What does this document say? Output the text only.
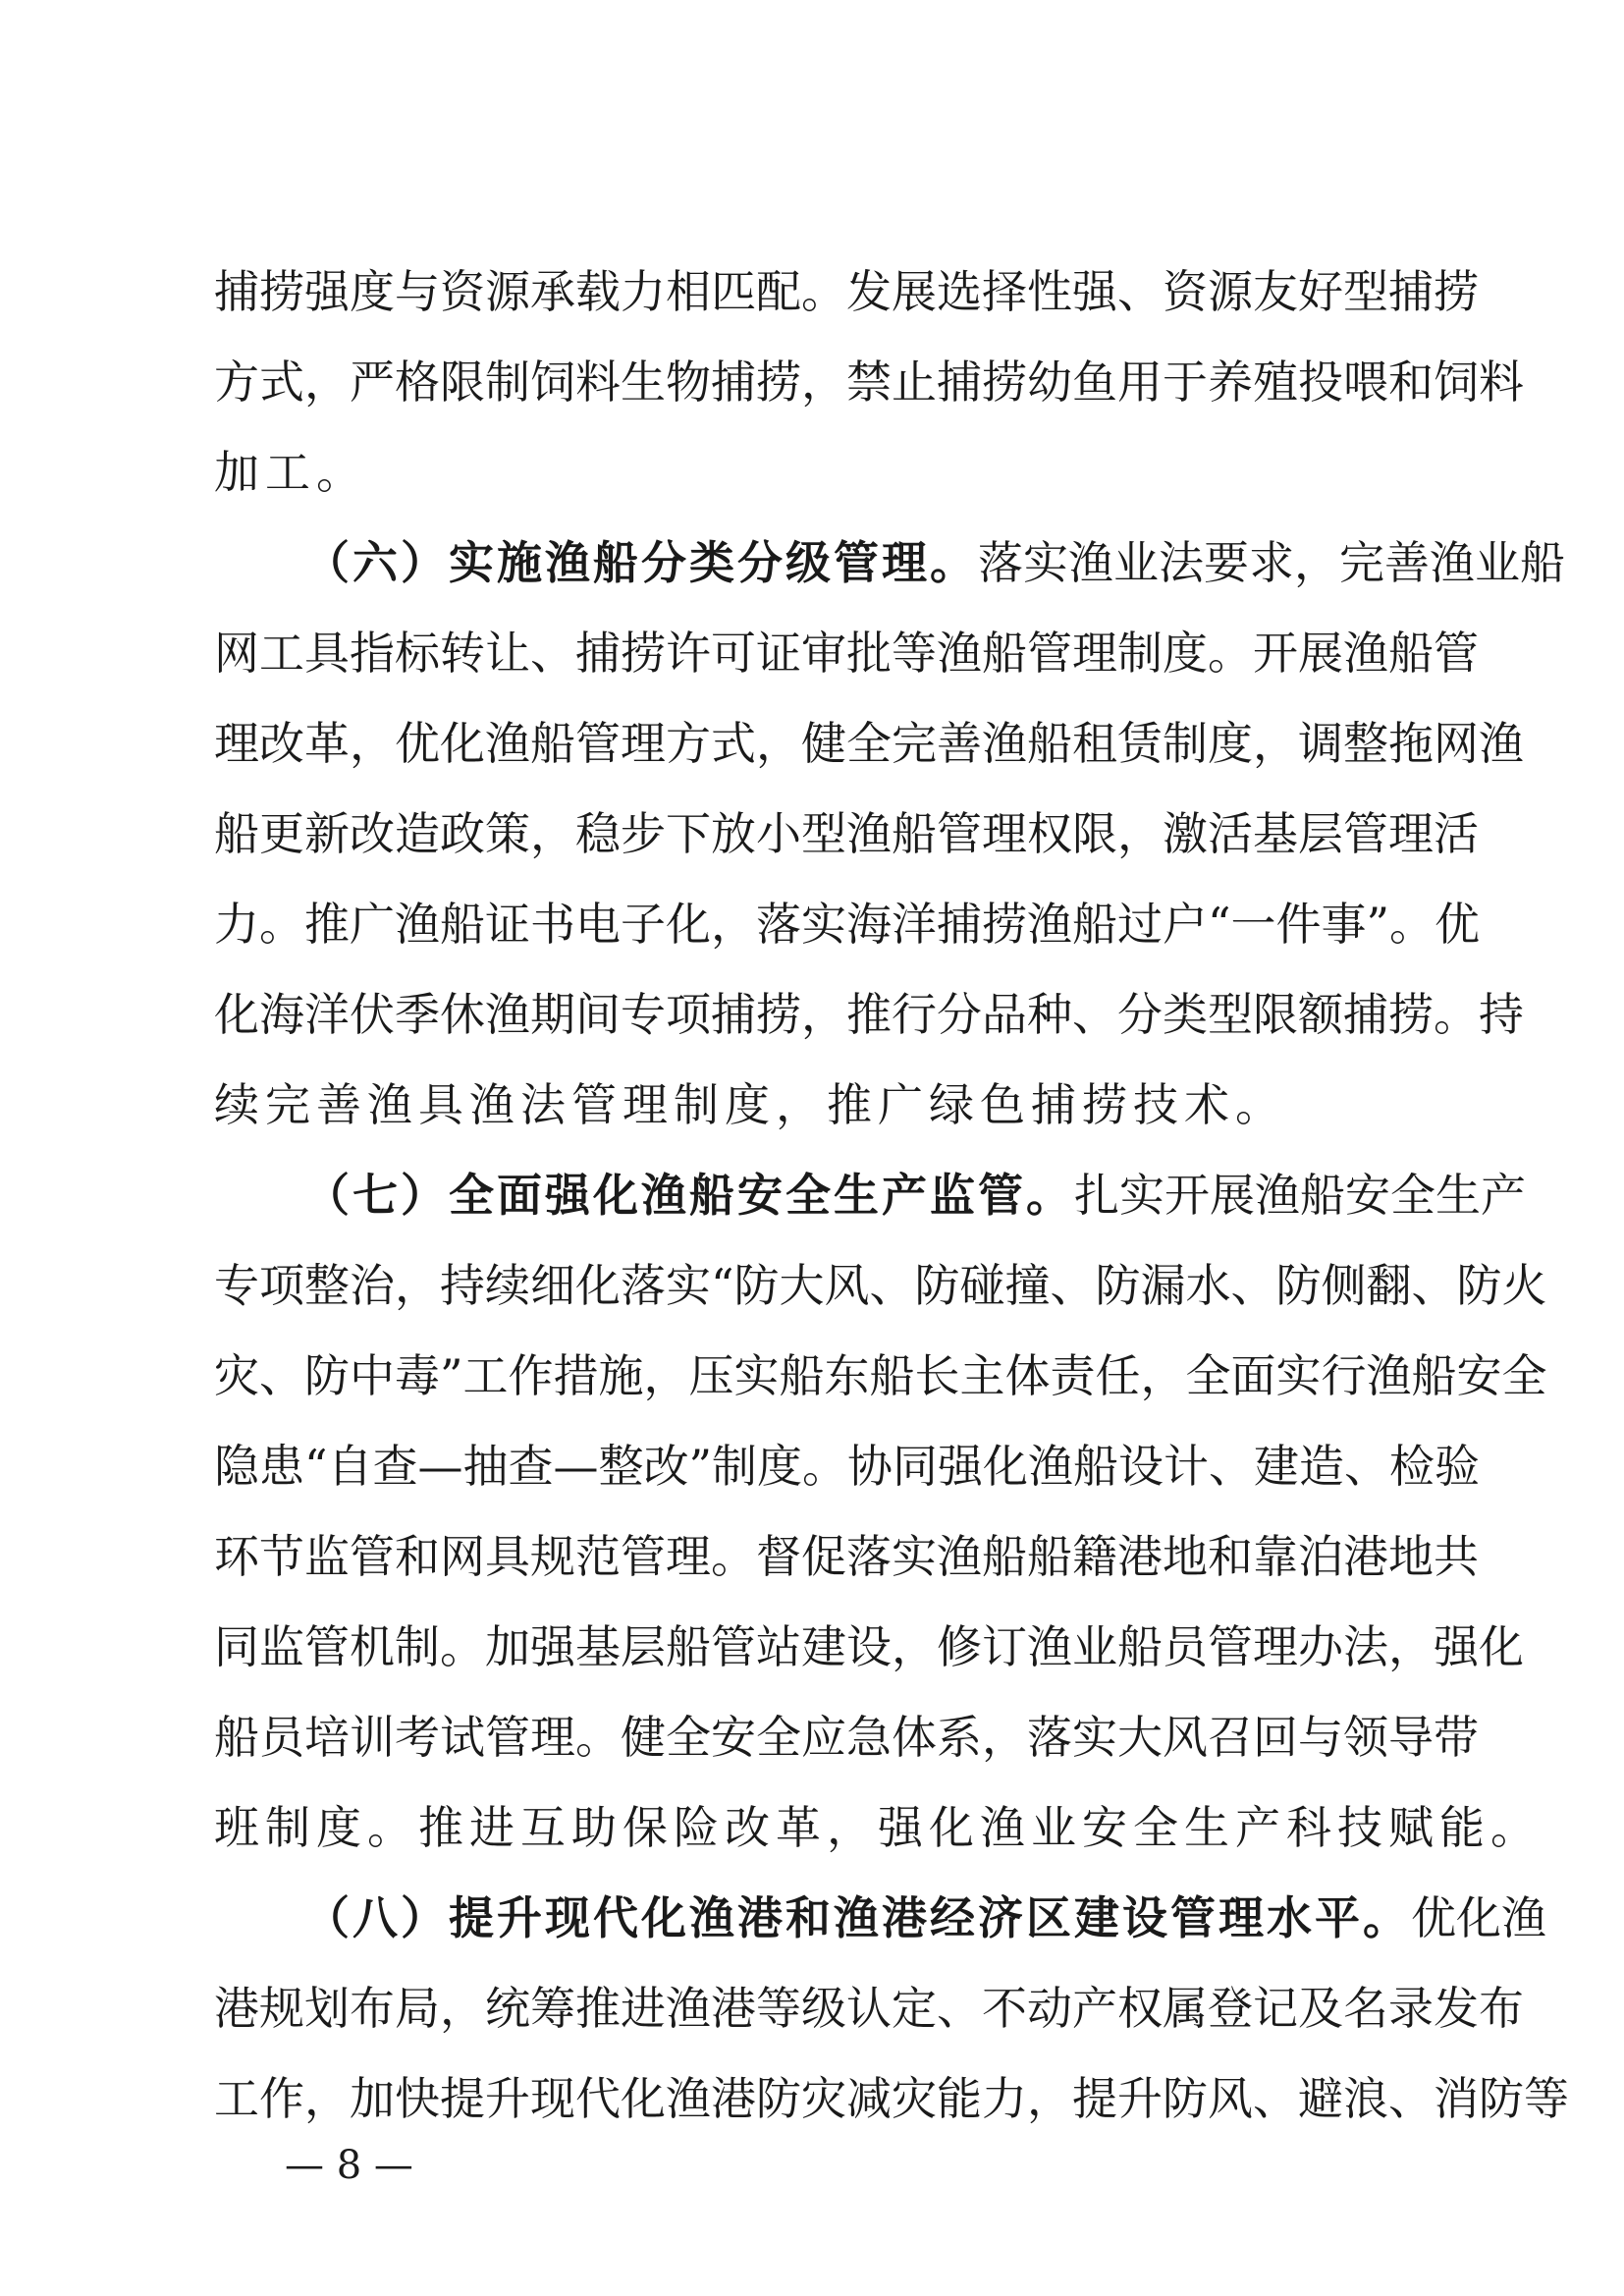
捕捞强度与资源承载力相匹配。发展选择性强、资源友好型捕捞
方式，严格限制饲料生物捕捞，禁止捕捞幼鱼用于养殖投喂和饲料
加工。
（六）实施渔船分类分级管理。落实渔业法要求，完善渔业船
网工具指标转让、捕捞许可证审批等渔船管理制度。开展渔船管
理改革，优化渔船管理方式，健全完善渔船租赁制度，调整拖网渔
船更新改造政策，稳步下放小型渔船管理权限，激活基层管理活
力。推广渔船证书电子化，落实海洋捕捞渔船过户“一件事”。优
化海洋伏季休渔期间专项捕捞，推行分品种、分类型限额捕捞。持
续完善渔具渔法管理制度，推广绿色捕捞技术。
（七）全面强化渔船安全生产监管。扎实开展渔船安全生产
专项整治，持续细化落实“防大风、防碰撞、防漏水、防侧翻、防火
灾、防中毒”工作措施，压实船东船长主体责任，全面实行渔船安全
隐患“自查—抽查—整改”制度。协同强化渔船设计、建造、检验
环节监管和网具规范管理。督促落实渔船船籍港地和靠泊港地共
同监管机制。加强基层船管站建设，修订渔业船员管理办法，强化
船员培训考试管理。健全安全应急体系，落实大风召回与领导带
班制度。推进互助保险改革，强化渔业安全生产科技赋能。
（八）提升现代化渔港和渔港经济区建设管理水平。优化渔
港规划布局，统筹推进渔港等级认定、不动产权属登记及名录发布
工作，加快提升现代化渔港防灾减灾能力，提升防风、避浪、消防等
— 8 —
